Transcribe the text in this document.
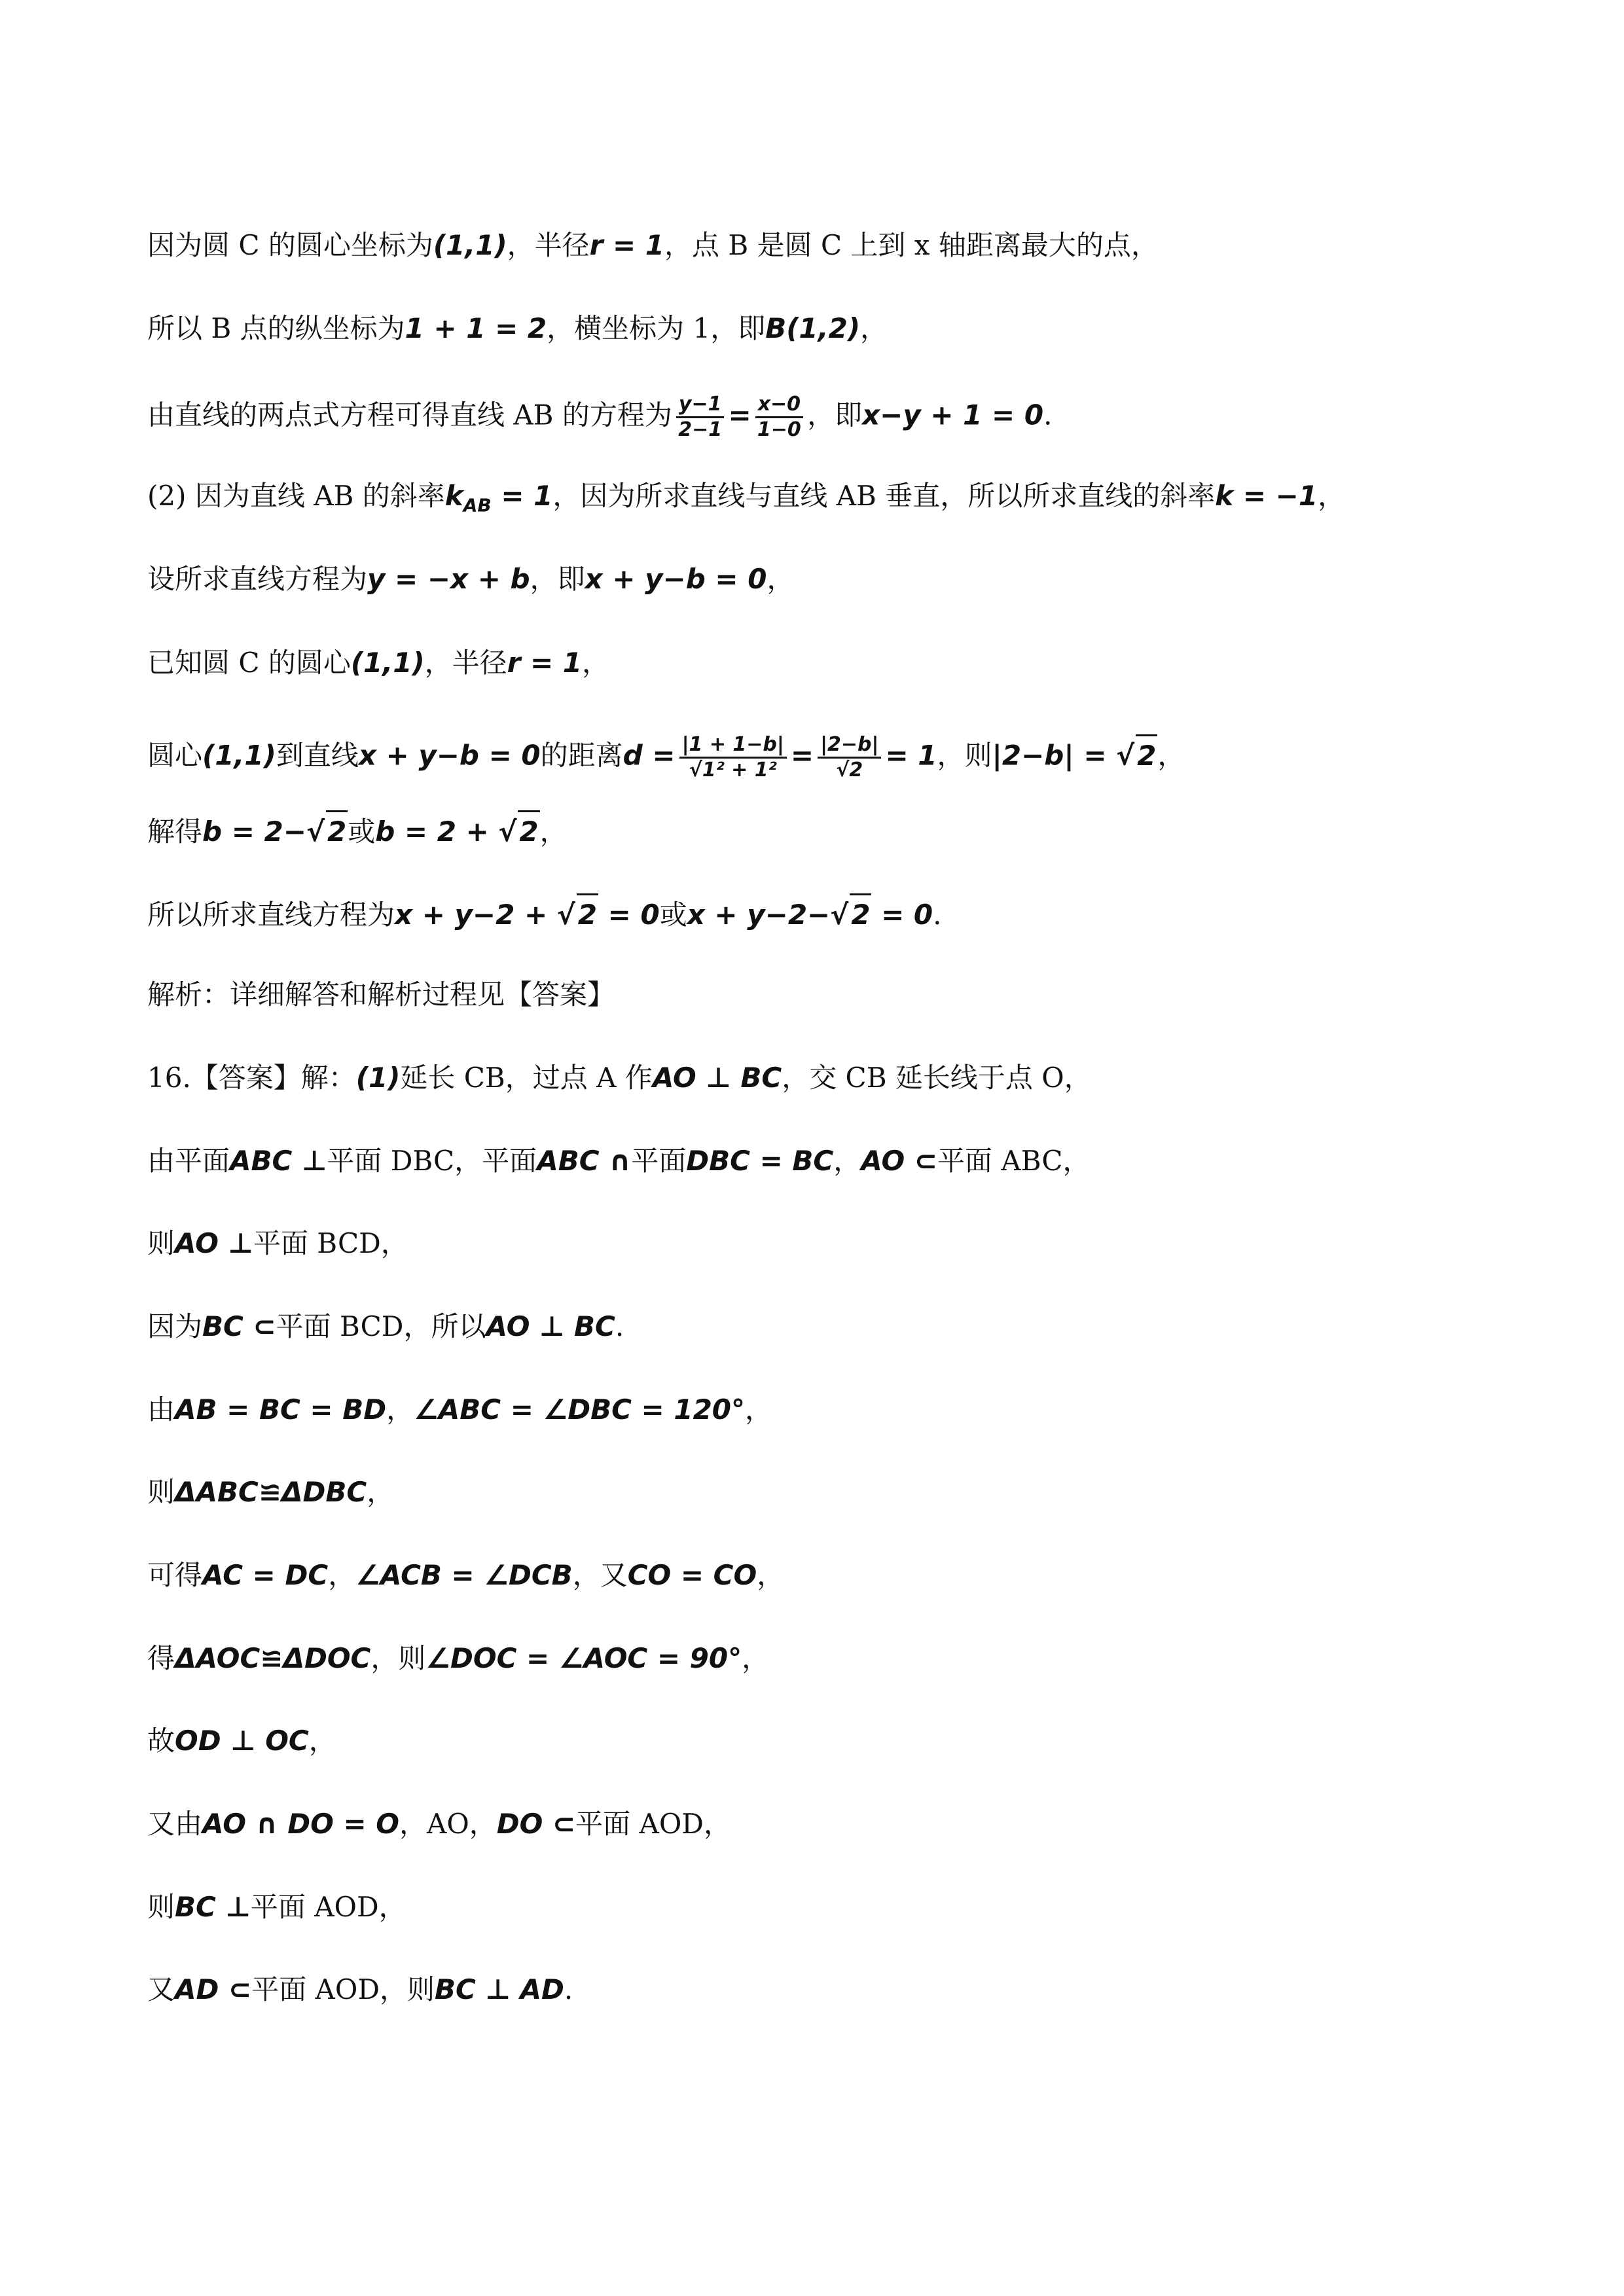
因为圆 C 的圆心坐标为(1,1)，半径r = 1，点 B 是圆 C 上到 x 轴距离最大的点，
所以 B 点的纵坐标为1 + 1 = 2，横坐标为 1，即B(1,2)，
由直线的两点式方程可得直线 AB 的方程为 $\frac{y-1}{2-1} = \frac{x-0}{1-0}$ ，即x−y + 1 = 0.
(2) 因为直线 AB 的斜率$k_{AB} = 1$，因为所求直线与直线 AB 垂直，所以所求直线的斜率k = −1，
设所求直线方程为y = −x + b，即x + y−b = 0，
已知圆 C 的圆心(1,1)，半径r = 1，
圆心(1,1)到直线x + y−b = 0的距离$d = \frac{|1 + 1-b|}{\text{√1² + 1²}} = \frac{|2-b|}{√2} = 1$，则|2−b| = √2，
解得b = 2−√2或b = 2 + √2，
所以所求直线方程为x + y−2 + √2 = 0或x + y−2−√2 = 0.
解析：详细解答和解析过程见【答案】
16.【答案】解：(1)延长 CB，过点 A 作AO ⊥ BC，交 CB 延长线于点 O，
由平面ABC ⊥平面 DBC，平面ABC ∩平面DBC = BC，AO ⊂平面 ABC，
则AO ⊥平面 BCD，
因为BC ⊂平面 BCD，所以AO ⊥ BC.
由AB = BC = BD，∠ABC = ∠DBC = 120°，
则ΔABC≌ΔDBC，
可得AC = DC，∠ACB = ∠DCB，又CO = CO，
得ΔAOC≌ΔDOC，则∠DOC = ∠AOC = 90°，
故OD ⊥ OC，
又由AO ∩ DO = O，AO，DO ⊂平面 AOD，
则BC ⊥平面 AOD，
又AD ⊂平面 AOD，则BC ⊥ AD.
